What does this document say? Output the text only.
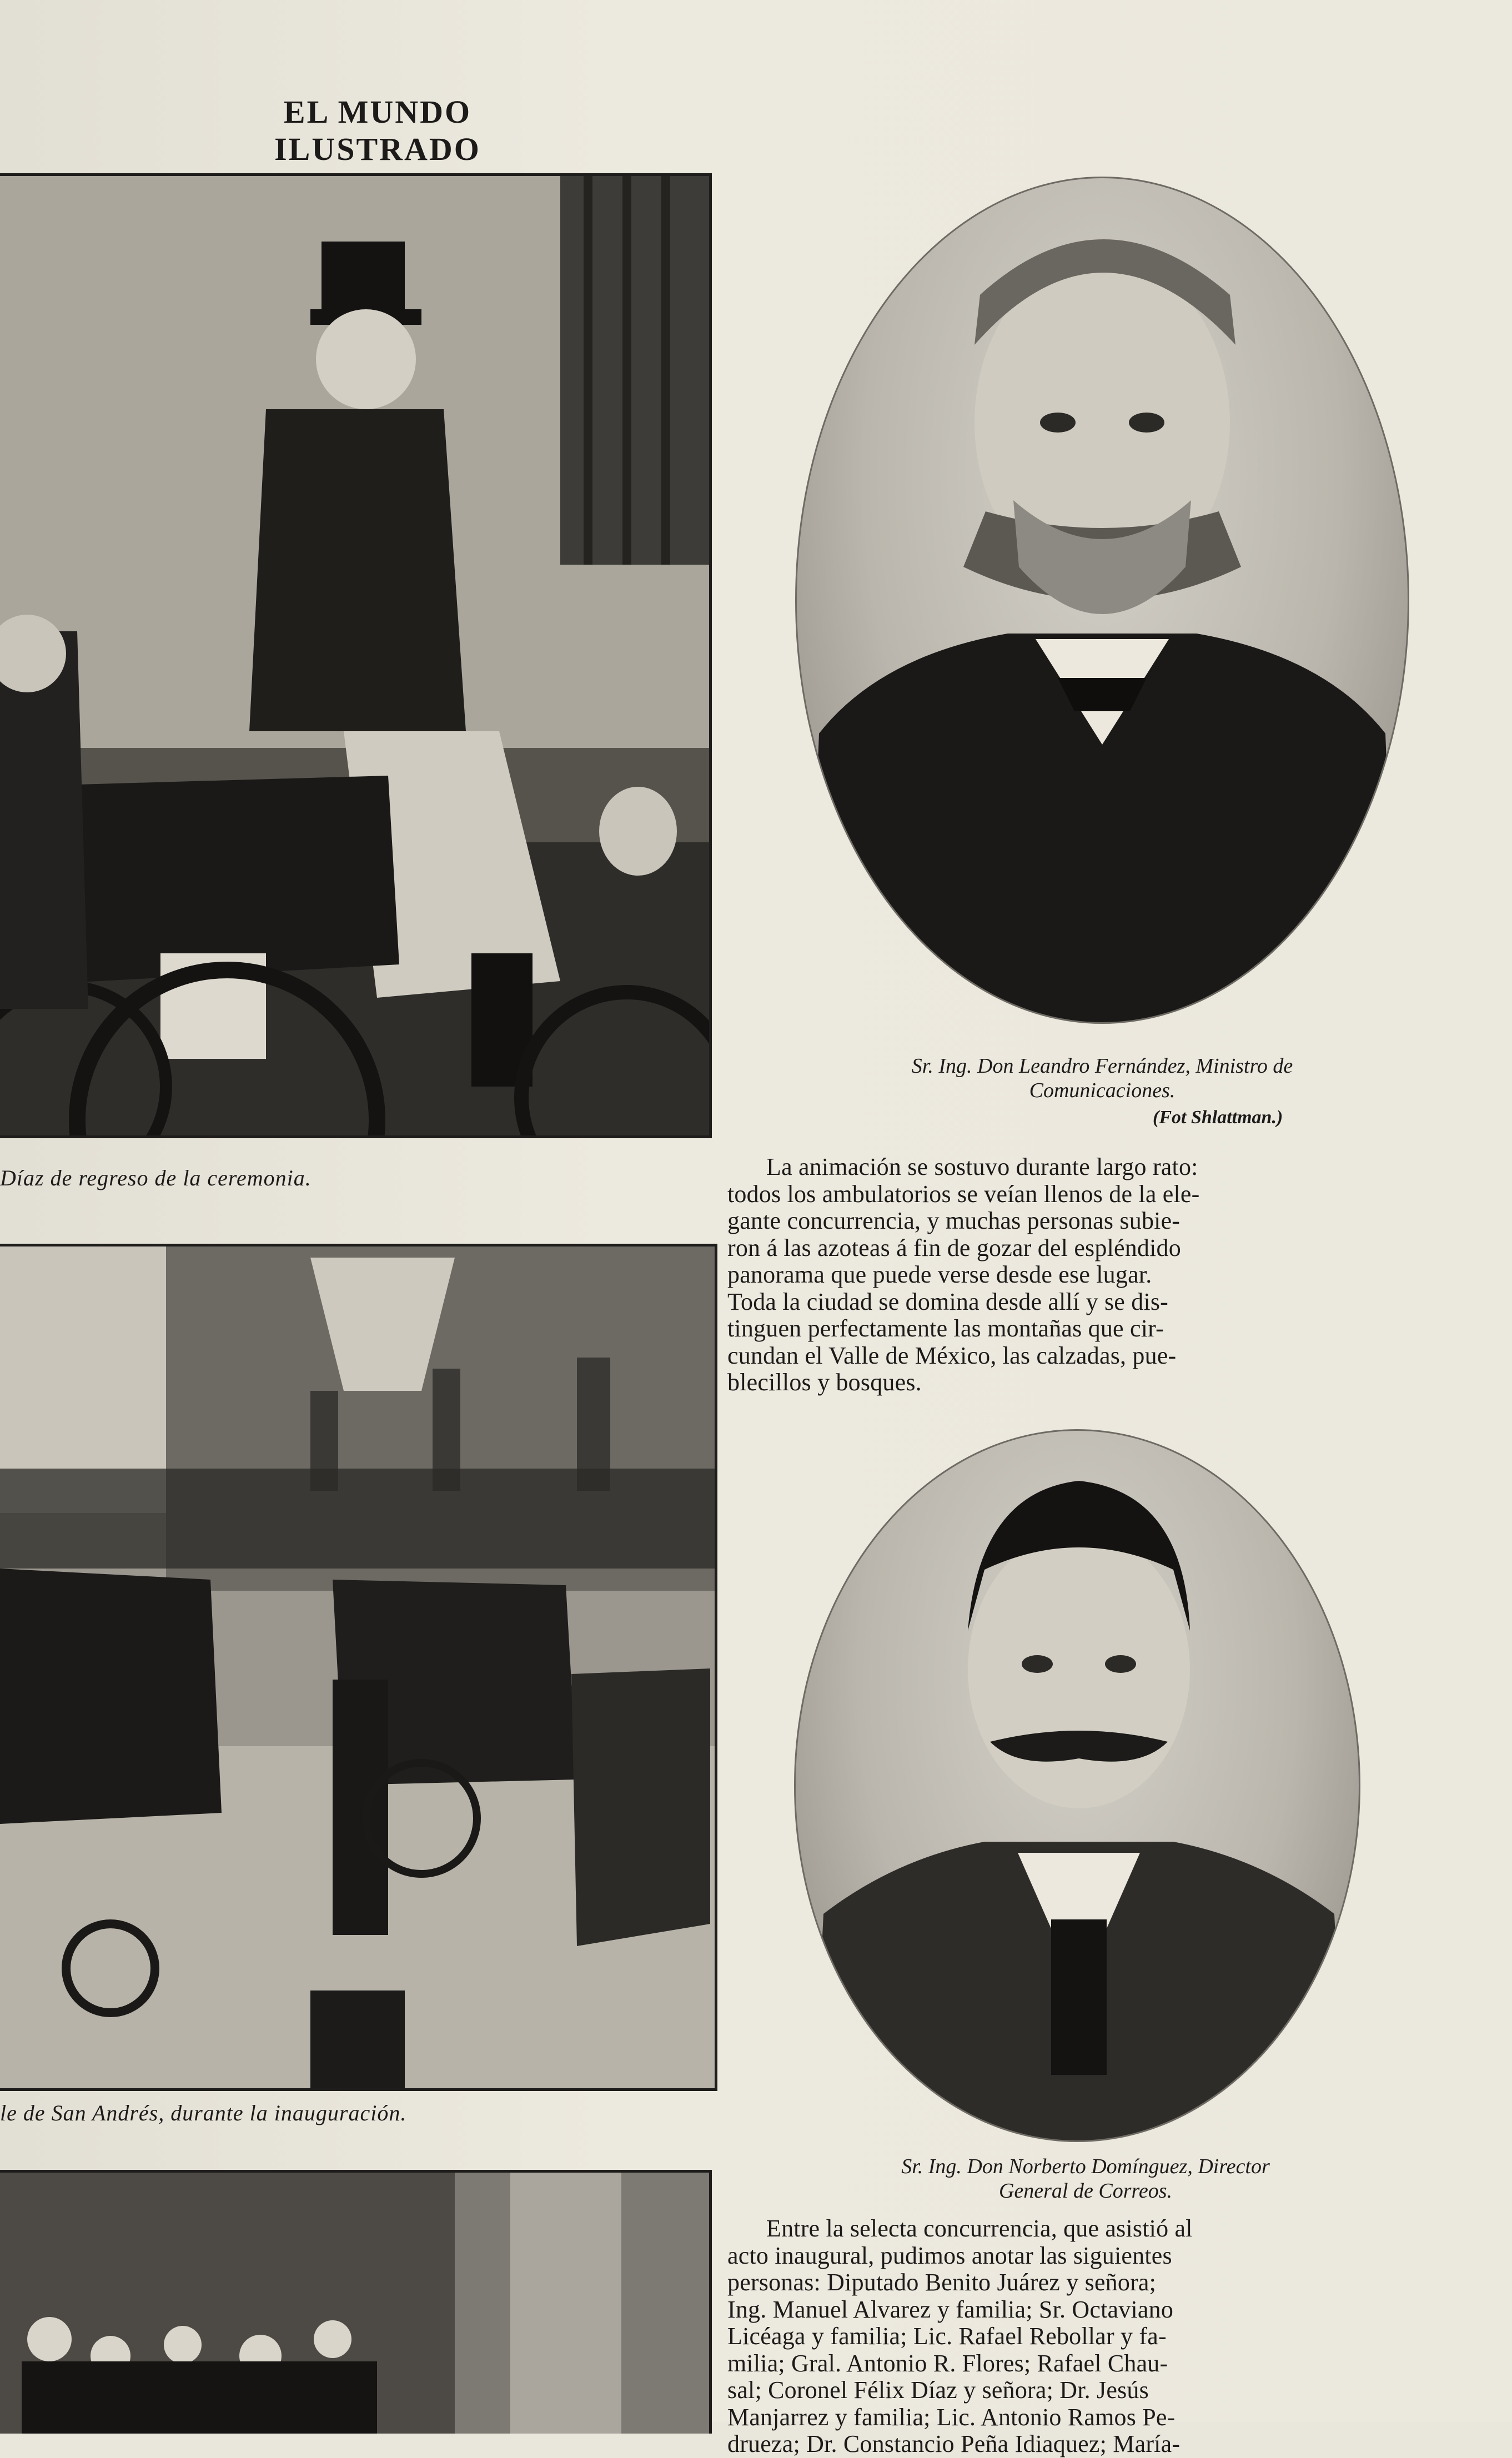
EL MUNDO ILUSTRADO
Díaz de regreso de la ceremonia.
le de San Andrés, durante la inauguración.
Sr. Ing. Don Leandro Fernández, Ministro de
Comunicaciones.
(Fot Shlattman.)
La animación se sostuvo durante largo rato:
todos los ambulatorios se veían llenos de la ele-
gante concurrencia, y muchas personas subie-
ron á las azoteas á fin de gozar del espléndido
panorama que puede verse desde ese lugar.
Toda la ciudad se domina desde allí y se dis-
tinguen perfectamente las montañas que cir-
cundan el Valle de México, las calzadas, pue-
blecillos y bosques.
Sr. Ing. Don Norberto Domínguez, Director
General de Correos.
Entre la selecta concurrencia, que asistió al
acto inaugural, pudimos anotar las siguientes
personas: Diputado Benito Juárez y señora;
Ing. Manuel Alvarez y familia; Sr. Octaviano
Licéaga y familia; Lic. Rafael Rebollar y fa-
milia; Gral. Antonio R. Flores; Rafael Chau-
sal; Coronel Félix Díaz y señora; Dr. Jesús
Manjarrez y familia; Lic. Antonio Ramos Pe-
drueza; Dr. Constancio Peña Idiaquez; María-
